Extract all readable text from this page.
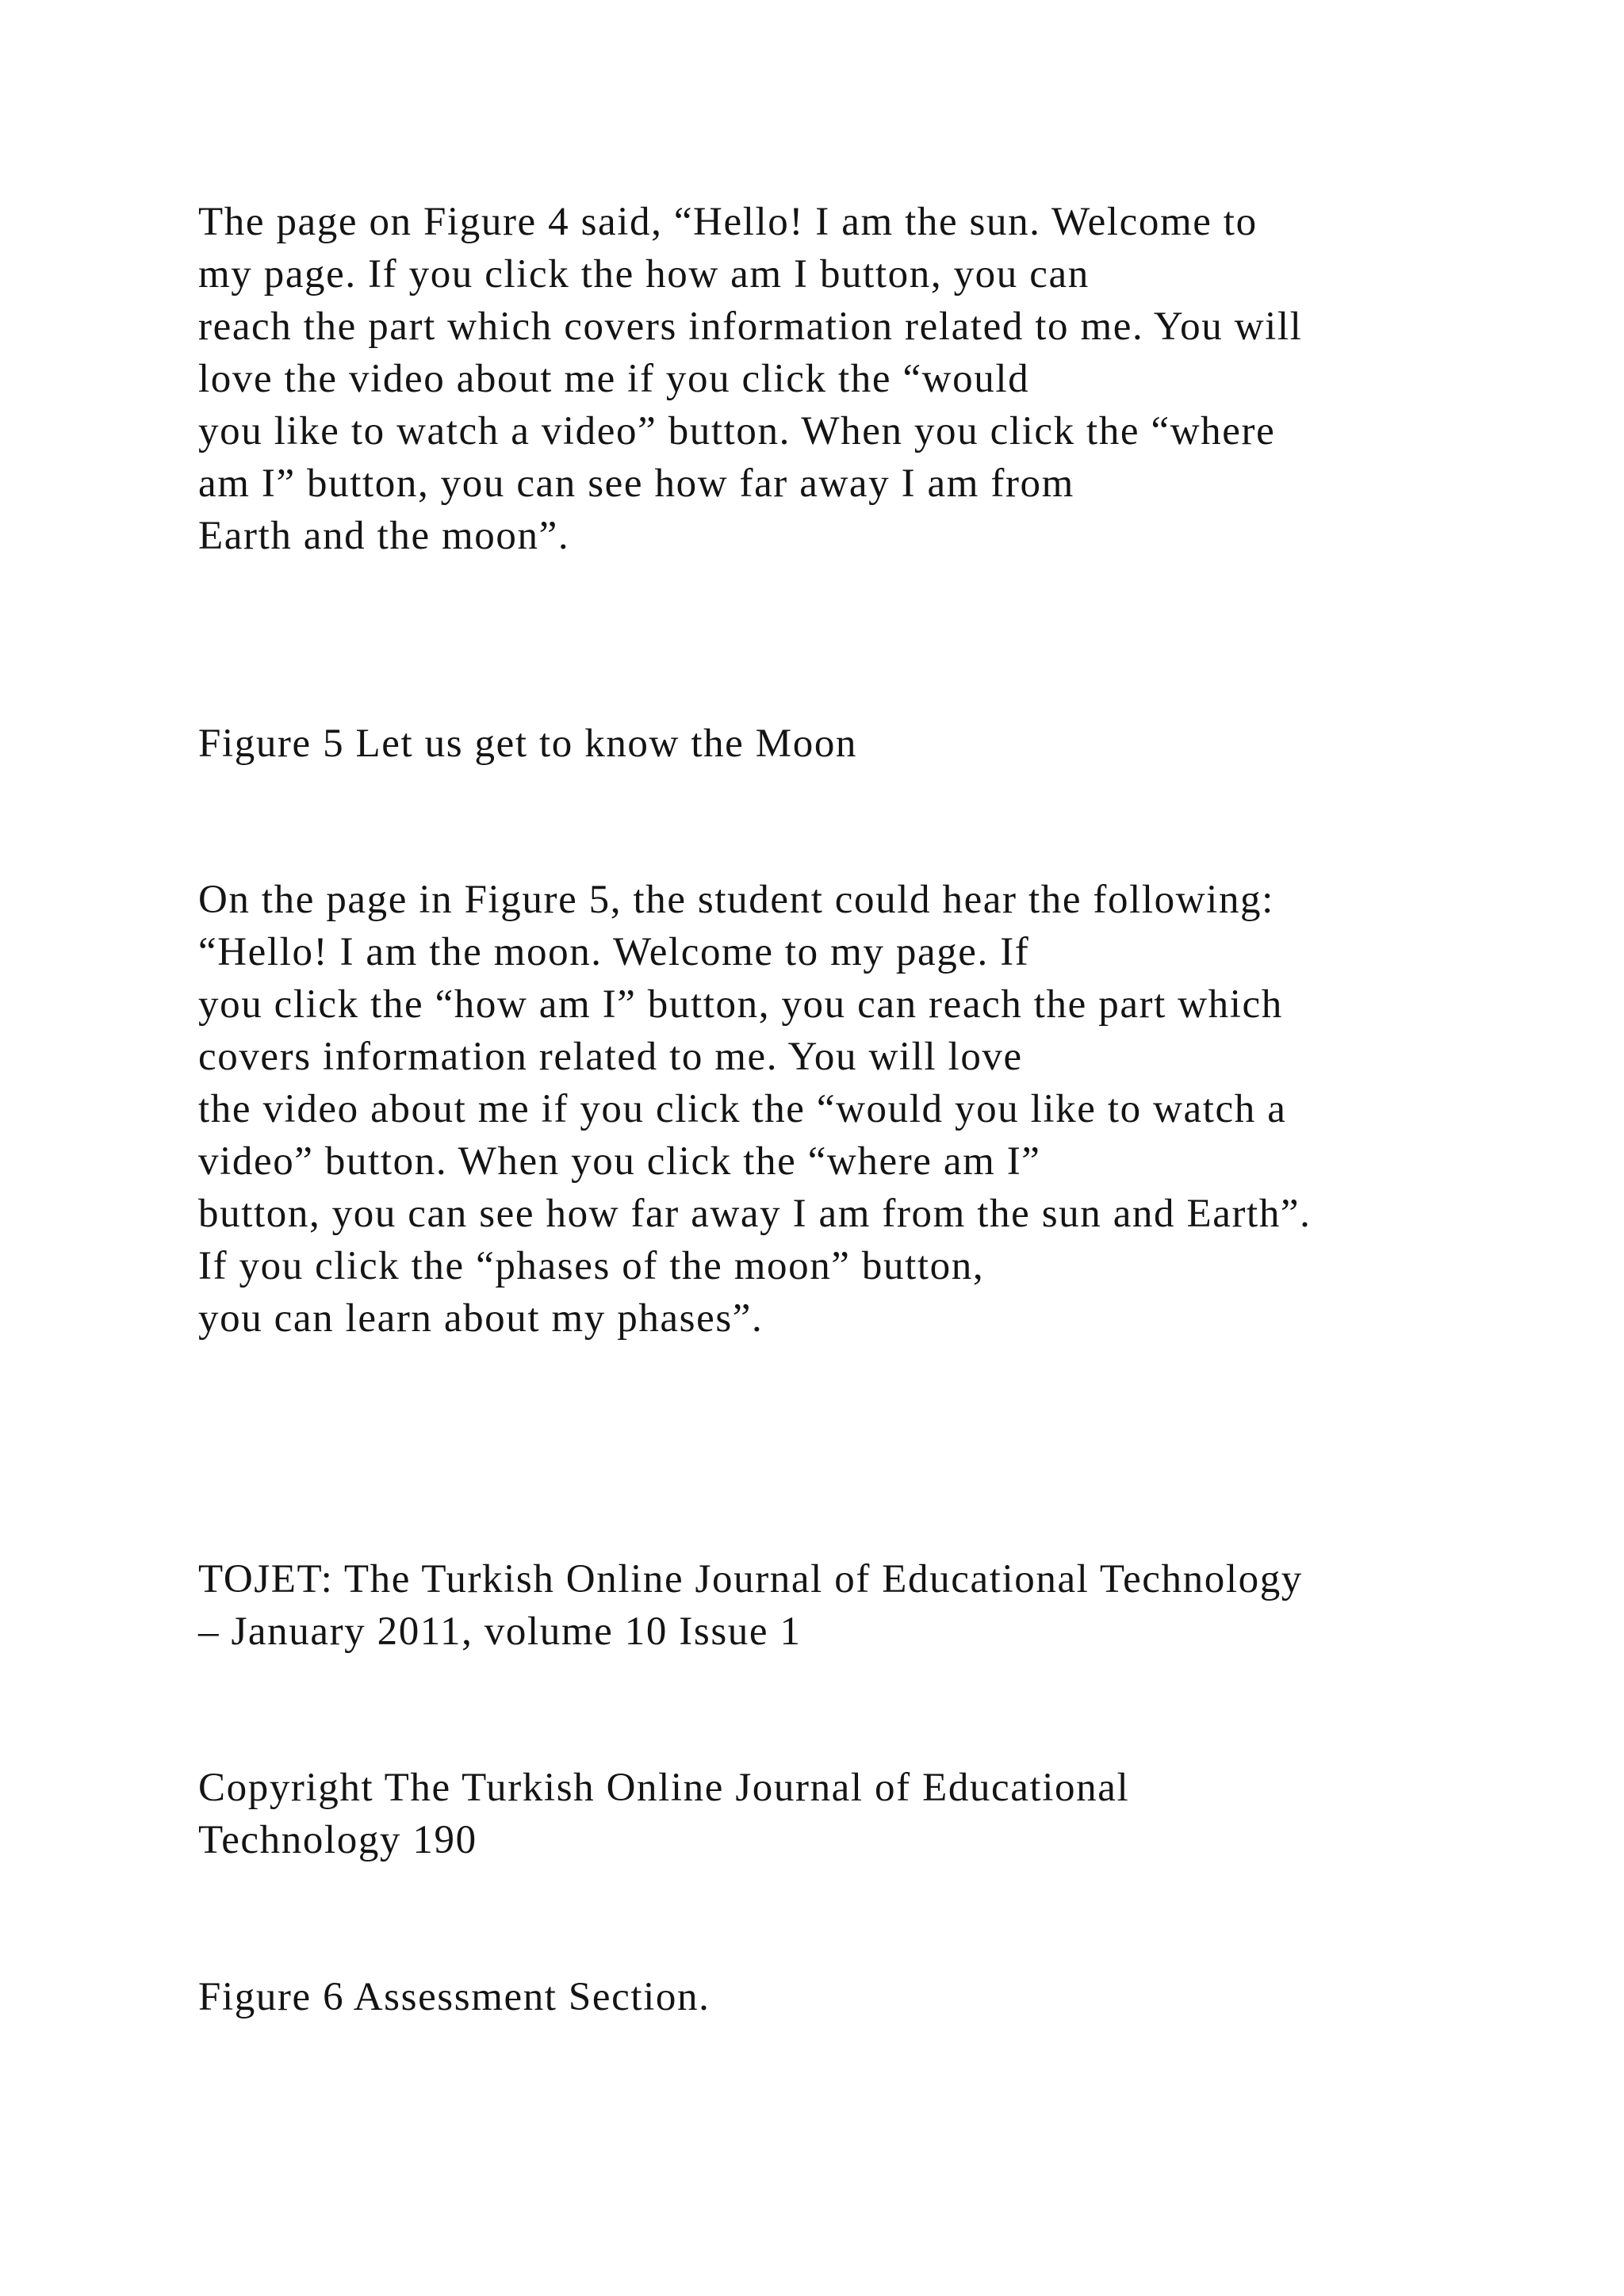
The page on Figure 4 said, “Hello! I am the sun. Welcome to
my page. If you click the how am I button, you can
reach the part which covers information related to me. You will
love the video about me if you click the “would
you like to watch a video” button. When you click the “where
am I” button, you can see how far away I am from
Earth and the moon”.

Figure 5 Let us get to know the Moon

On the page in Figure 5, the student could hear the following:
“Hello! I am the moon. Welcome to my page. If
you click the “how am I” button, you can reach the part which
covers information related to me. You will love
the video about me if you click the “would you like to watch a
video” button. When you click the “where am I”
button, you can see how far away I am from the sun and Earth”.
If you click the “phases of the moon” button,
you can learn about my phases”.

TOJET: The Turkish Online Journal of Educational Technology
– January 2011, volume 10 Issue 1

Copyright The Turkish Online Journal of Educational
Technology 190

Figure 6 Assessment Section.
